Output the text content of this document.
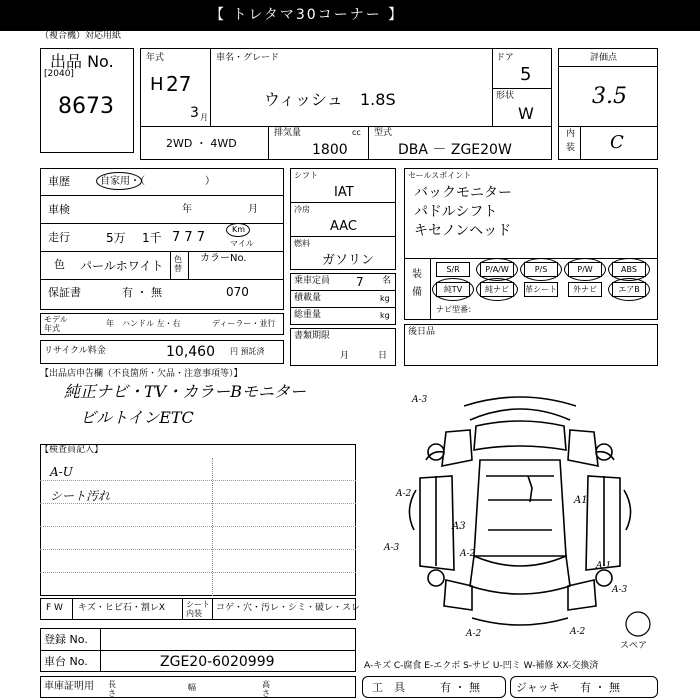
【 トレタマ30コーナー 】
（複合機）対応用紙
出品 No.
[2040]
8673
年式
H 27
3 月
車名・グレード
ウィッシュ 1.8S
ドア
5
形状
W
2WD ・ 4WD
排気量	cc
1800
型式
DBA － ZGE20W
評価点
3.5
内
装 C
車歴	自家用・（　　　　　　）
車検	年	月
走行	5万 1千 7 7 7
Km
マイル
色 パールホワイト 色替
カラーNo.
保証書	有 ・ 無	070
モデル年式
年 ハンドル 左・右	ディーラー・並行
リサイクル料金	10,460 円 預託済
シフト
IAT
冷房
AAC
燃料
ガソリン
乗車定員 7 名
積載量	kg
総重量	kg
書類期限
月	日
セールスポイント
バックモニター
パドルシフト
キセノンヘッド
装
備
S/R	P/A/W	P/S	P/W	ABS
純TV	純ナビ	革シート	外ナビ	エアB
ナビ型番：
後日品
【出品店申告欄（不良箇所・欠品・注意事項等）】
純正ナビ・TV・カラーBモニター
ビルトインETC
【検査員記入】
A-U
シート汚れ
A-3
A1
A3
A-2
A-3
A-1
A-2
A-2
A-3
A-2
スペア
F W キズ・ヒビ石・割レX	シート内装
コゲ・穴・汚レ・シミ・破レ・スレ
登録 No.
車台 No.	ZGE20-6020999	A-キズ C-腐食 E-エクボ S-サビ U-凹ミ W-補修 XX-交換済
車庫証明用 長さ
幅	高さ	工　具	有 ・ 無	ジャッキ 有 ・ 無
